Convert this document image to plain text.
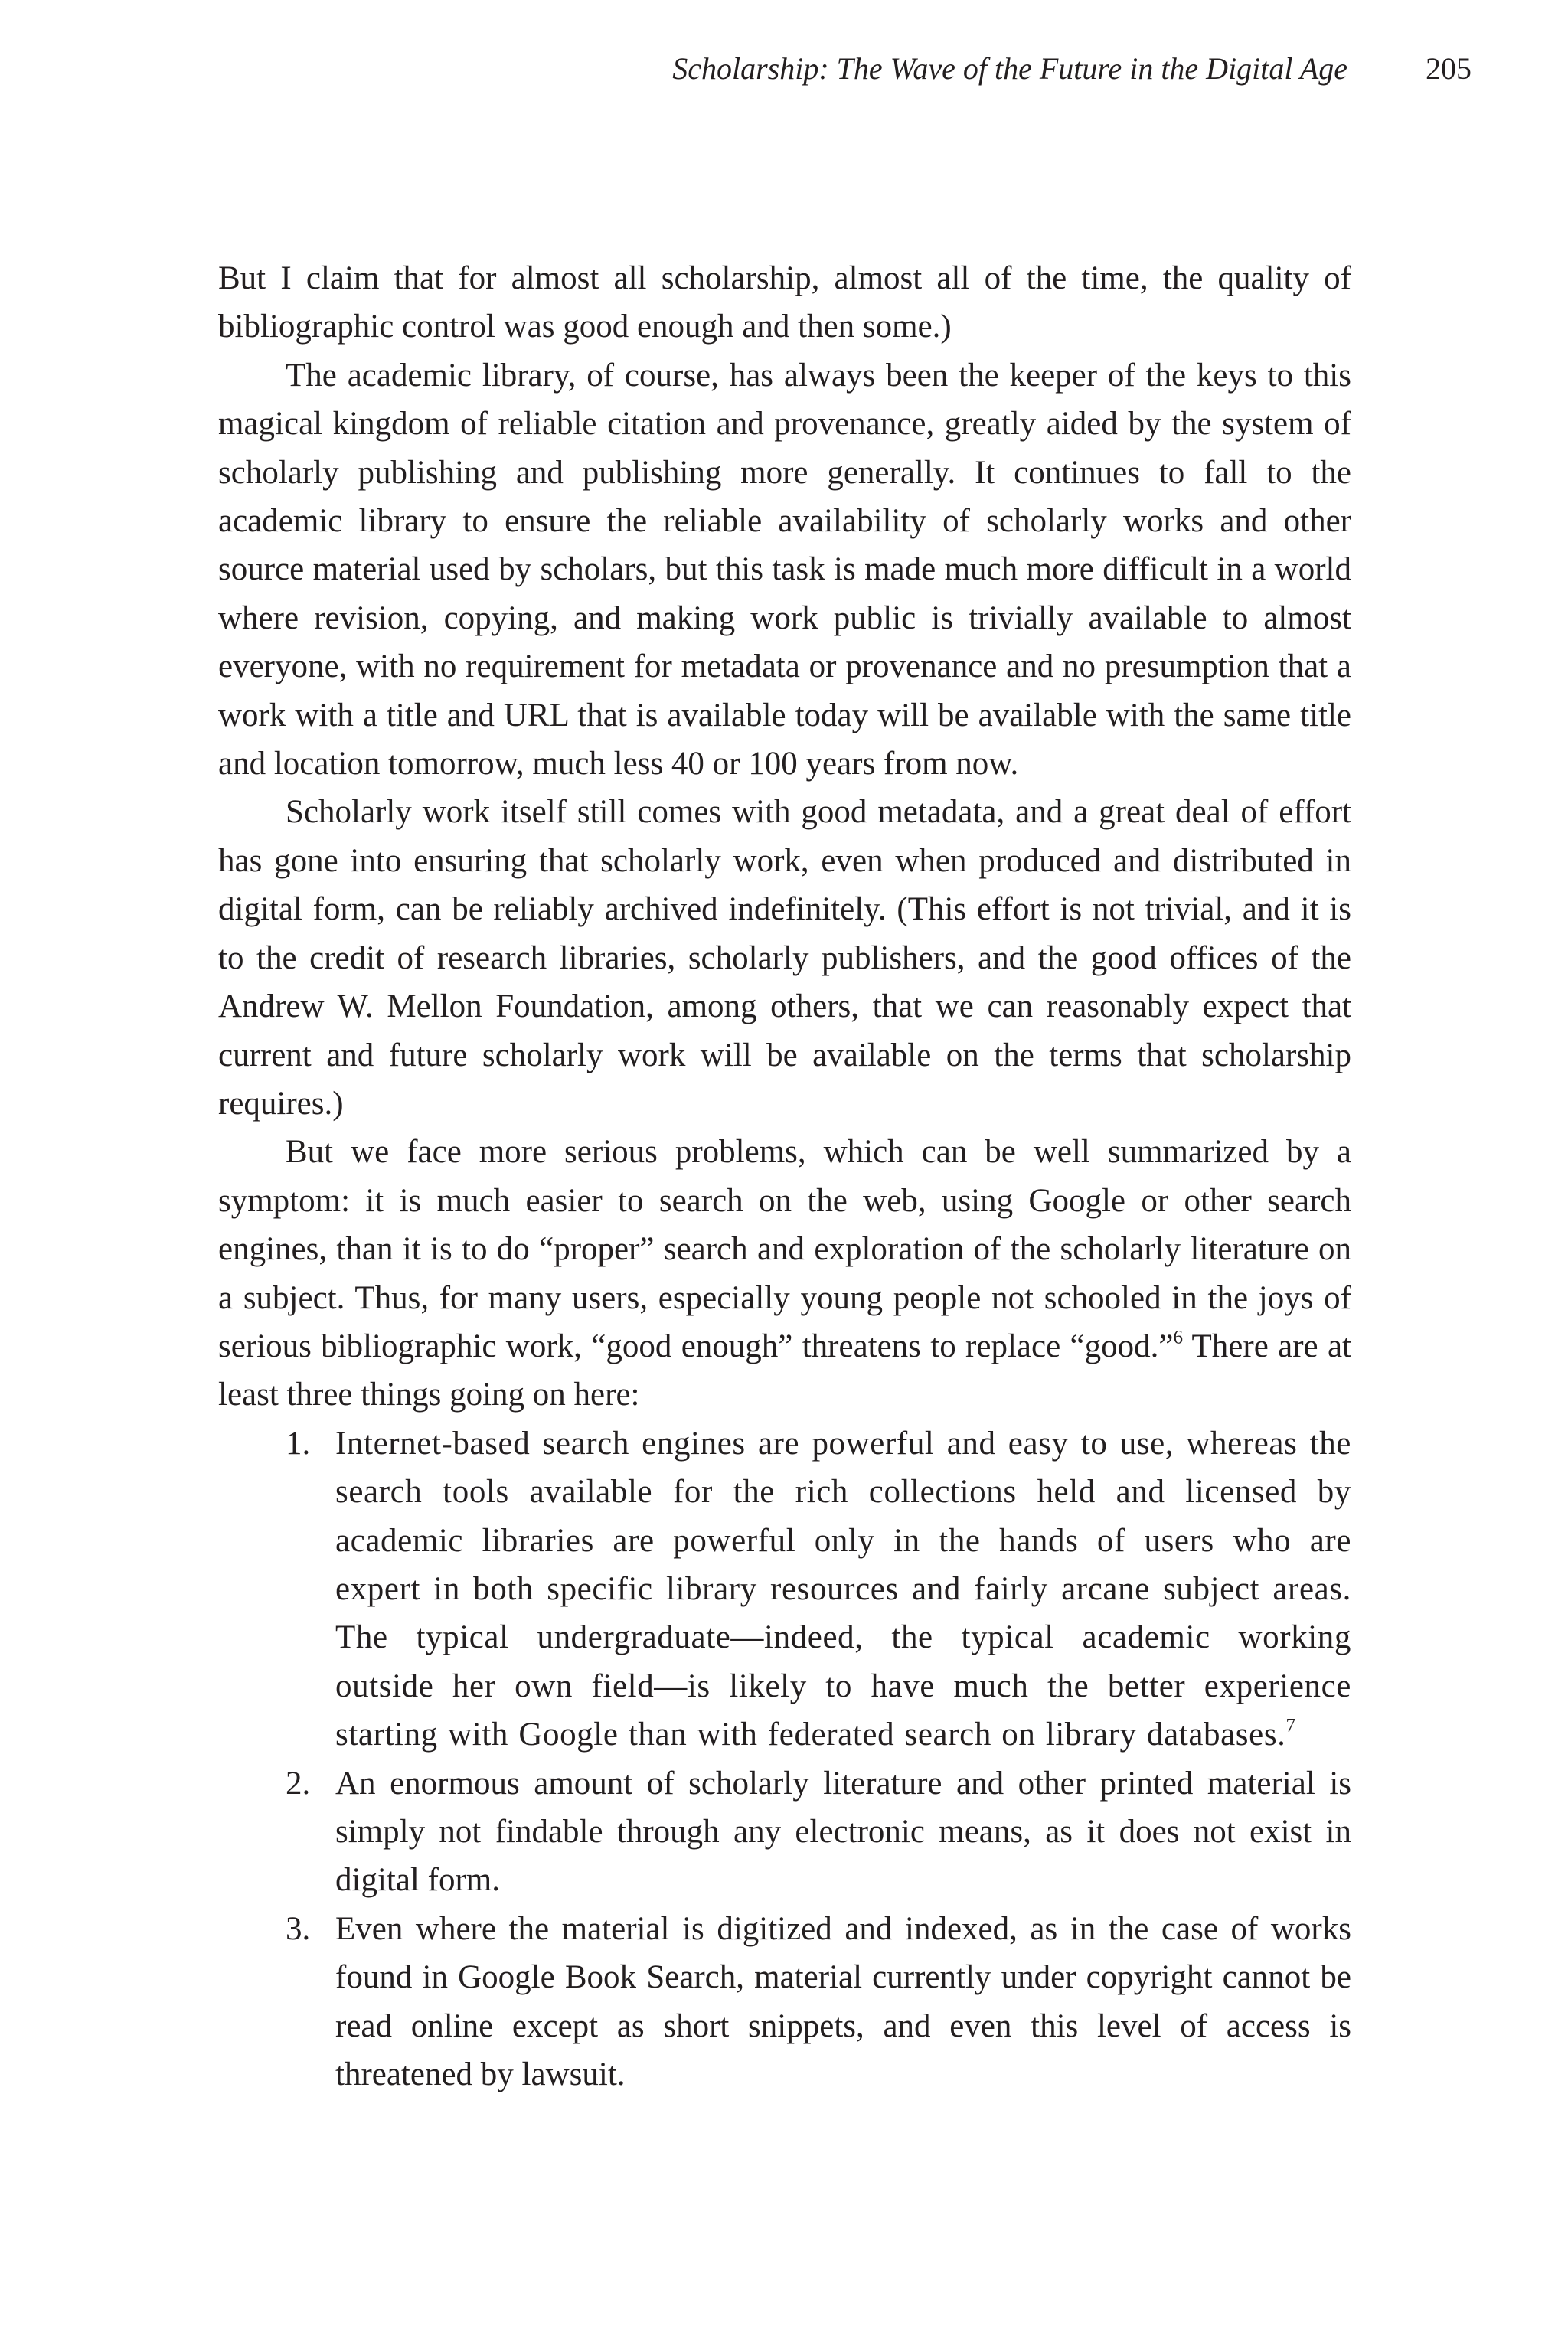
Scholarship: The Wave of the Future in the Digital Age	205

But I claim that for almost all scholarship, almost all of the time, the quality of bibliographic control was good enough and then some.)

The academic library, of course, has always been the keeper of the keys to this magical kingdom of reliable citation and provenance, greatly aided by the system of scholarly publishing and publishing more generally. It continues to fall to the academic library to ensure the reliable availability of scholarly works and other source material used by scholars, but this task is made much more difficult in a world where revision, copying, and making work public is trivially available to almost everyone, with no requirement for metadata or provenance and no presumption that a work with a title and URL that is available today will be available with the same title and location tomorrow, much less 40 or 100 years from now.

Scholarly work itself still comes with good metadata, and a great deal of effort has gone into ensuring that scholarly work, even when produced and distributed in digital form, can be reliably archived indefinitely. (This effort is not trivial, and it is to the credit of research libraries, scholarly publishers, and the good offices of the Andrew W. Mellon Foundation, among others, that we can reasonably expect that current and future scholarly work will be available on the terms that scholarship requires.)

But we face more serious problems, which can be well summarized by a symptom: it is much easier to search on the web, using Google or other search engines, than it is to do “proper” search and exploration of the scholarly literature on a subject. Thus, for many users, especially young people not schooled in the joys of serious bibliographic work, “good enough” threatens to replace “good.”$^6$ There are at least three things going on here:

1. Internet-based search engines are powerful and easy to use, whereas the search tools available for the rich collections held and licensed by academic libraries are powerful only in the hands of users who are expert in both specific library resources and fairly arcane subject areas. The typical undergraduate—indeed, the typical academic working outside her own field—is likely to have much the better experience starting with Google than with federated search on library databases.$^7$
2. An enormous amount of scholarly literature and other printed material is simply not findable through any electronic means, as it does not exist in digital form.
3. Even where the material is digitized and indexed, as in the case of works found in Google Book Search, material currently under copyright cannot be read online except as short snippets, and even this level of access is threatened by lawsuit.
